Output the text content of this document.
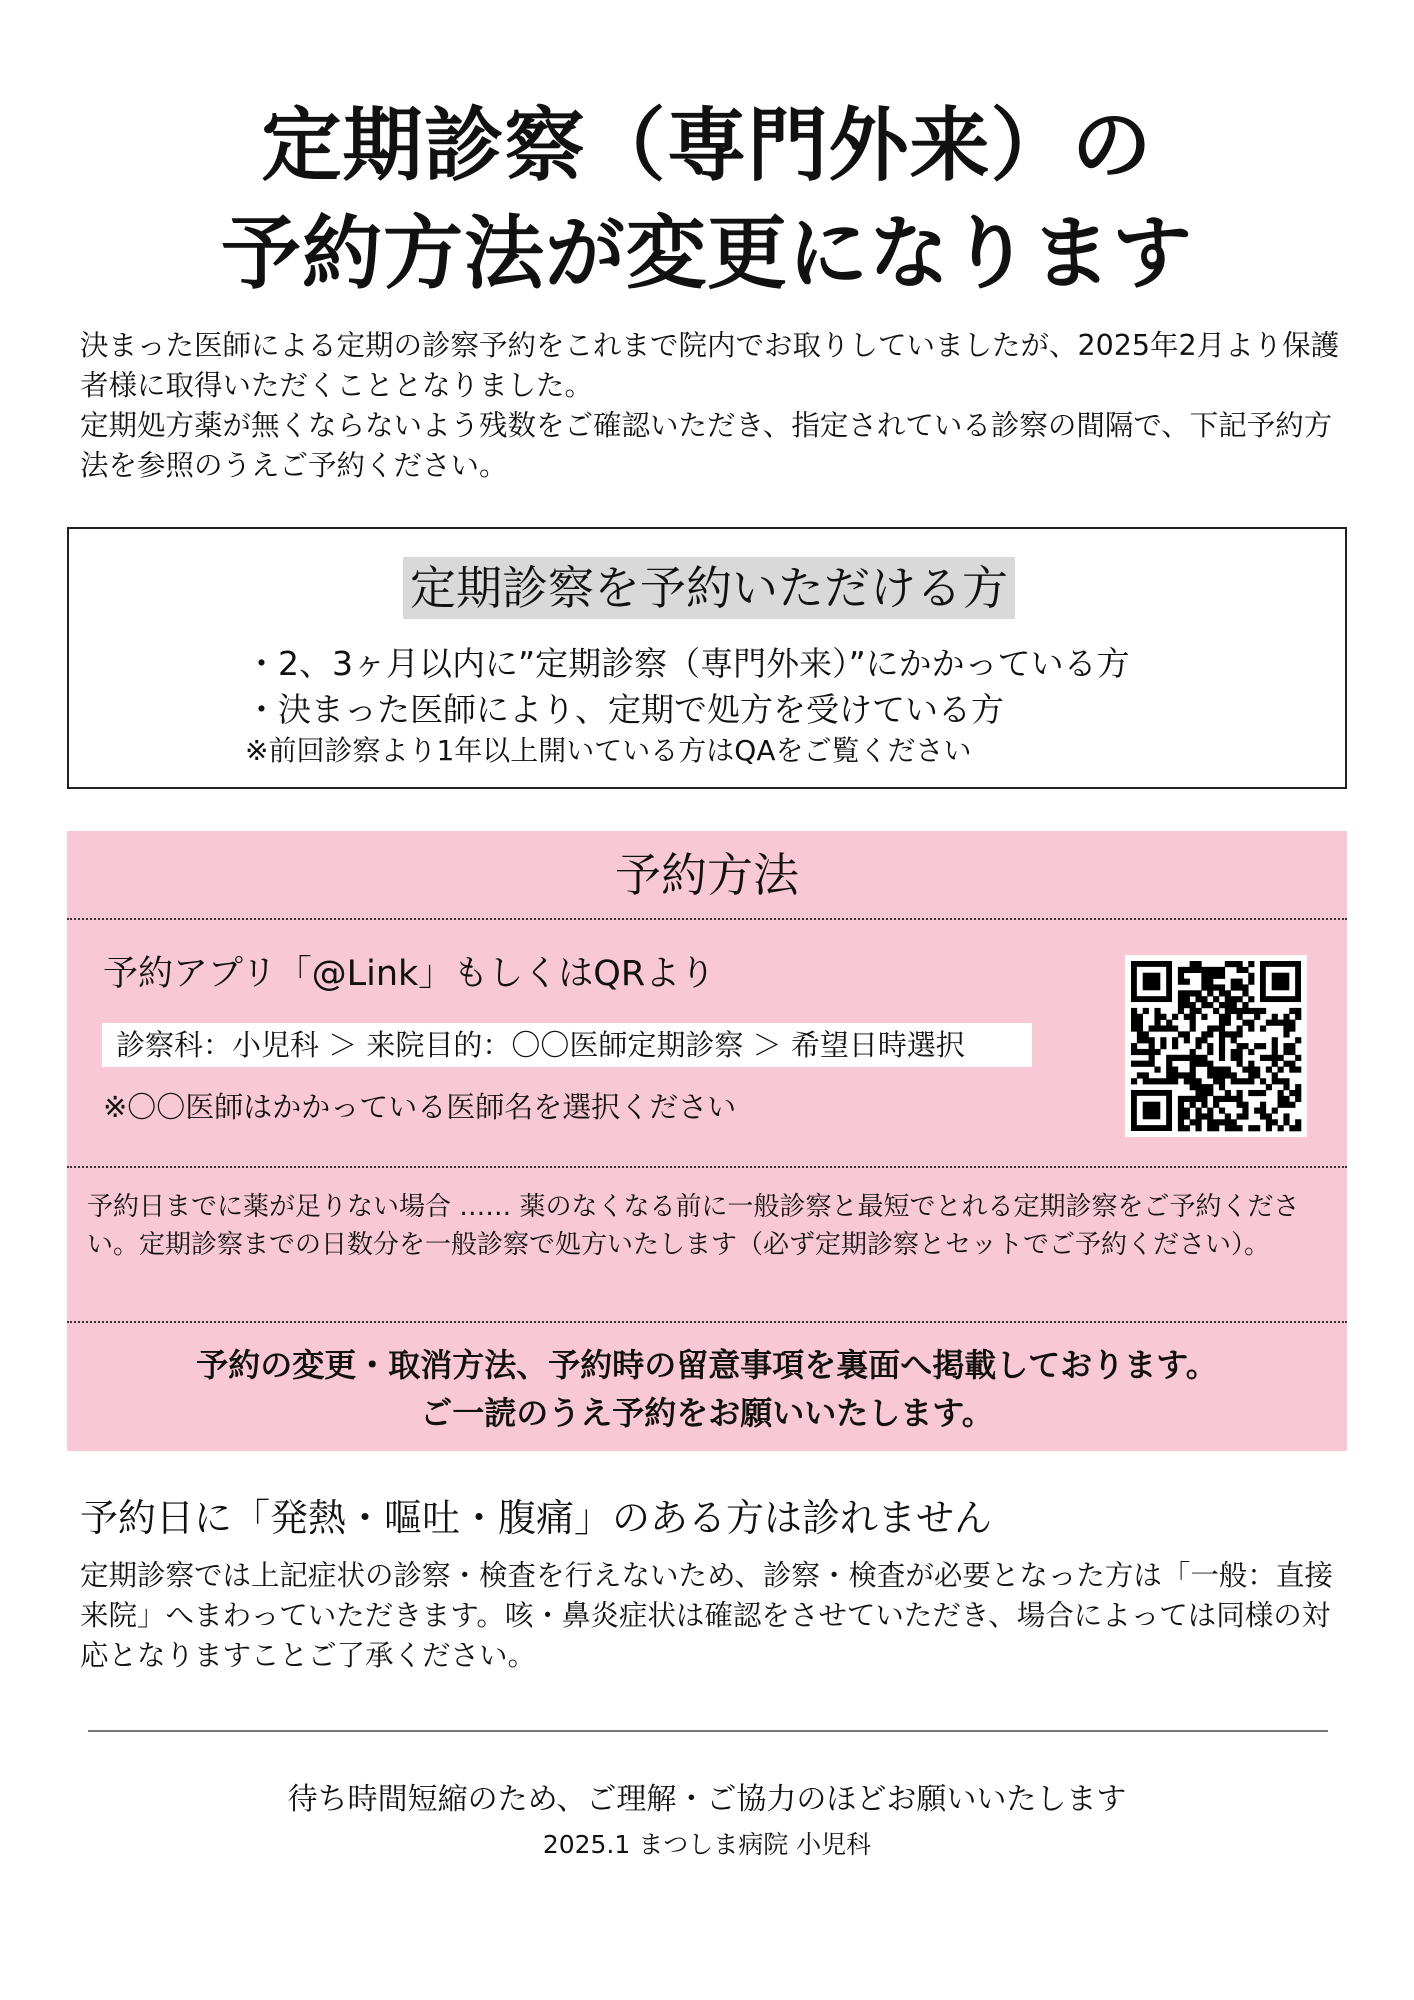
定期診察（専門外来）の
予約方法が変更になります

決まった医師による定期の診察予約をこれまで院内でお取りしていましたが、2025年2月より保護者様に取得いただくこととなりました。

定期処方薬が無くならないよう残数をご確認いただき、指定されている診察の間隔で、下記予約方法を参照のうえご予約ください。

定期診察を予約いただける方
・2、3ヶ月以内に”定期診察（専門外来）”にかかっている方
・決まった医師により、定期で処方を受けている方
※前回診察より1年以上開いている方はQAをご覧ください
予約方法
予約アプリ「@Link」もしくはQRより
診察科：小児科 ＞ 来院目的：〇〇医師定期診察 ＞ 希望日時選択
※〇〇医師はかかっている医師名を選択ください
予約日までに薬が足りない場合 …… 薬のなくなる前に一般診察と最短でとれる定期診察をご予約ください。定期診察までの日数分を一般診察で処方いたします（必ず定期診察とセットでご予約ください）。
予約の変更・取消方法、予約時の留意事項を裏面へ掲載しております。
ご一読のうえ予約をお願いいたします。
予約日に「発熱・嘔吐・腹痛」のある方は診れません
定期診察では上記症状の診察・検査を行えないため、診察・検査が必要となった方は「一般：直接来院」へまわっていただきます。咳・鼻炎症状は確認をさせていただき、場合によっては同様の対応となりますことご了承ください。
待ち時間短縮のため、ご理解・ご協力のほどお願いいたします
2025.1 まつしま病院 小児科
